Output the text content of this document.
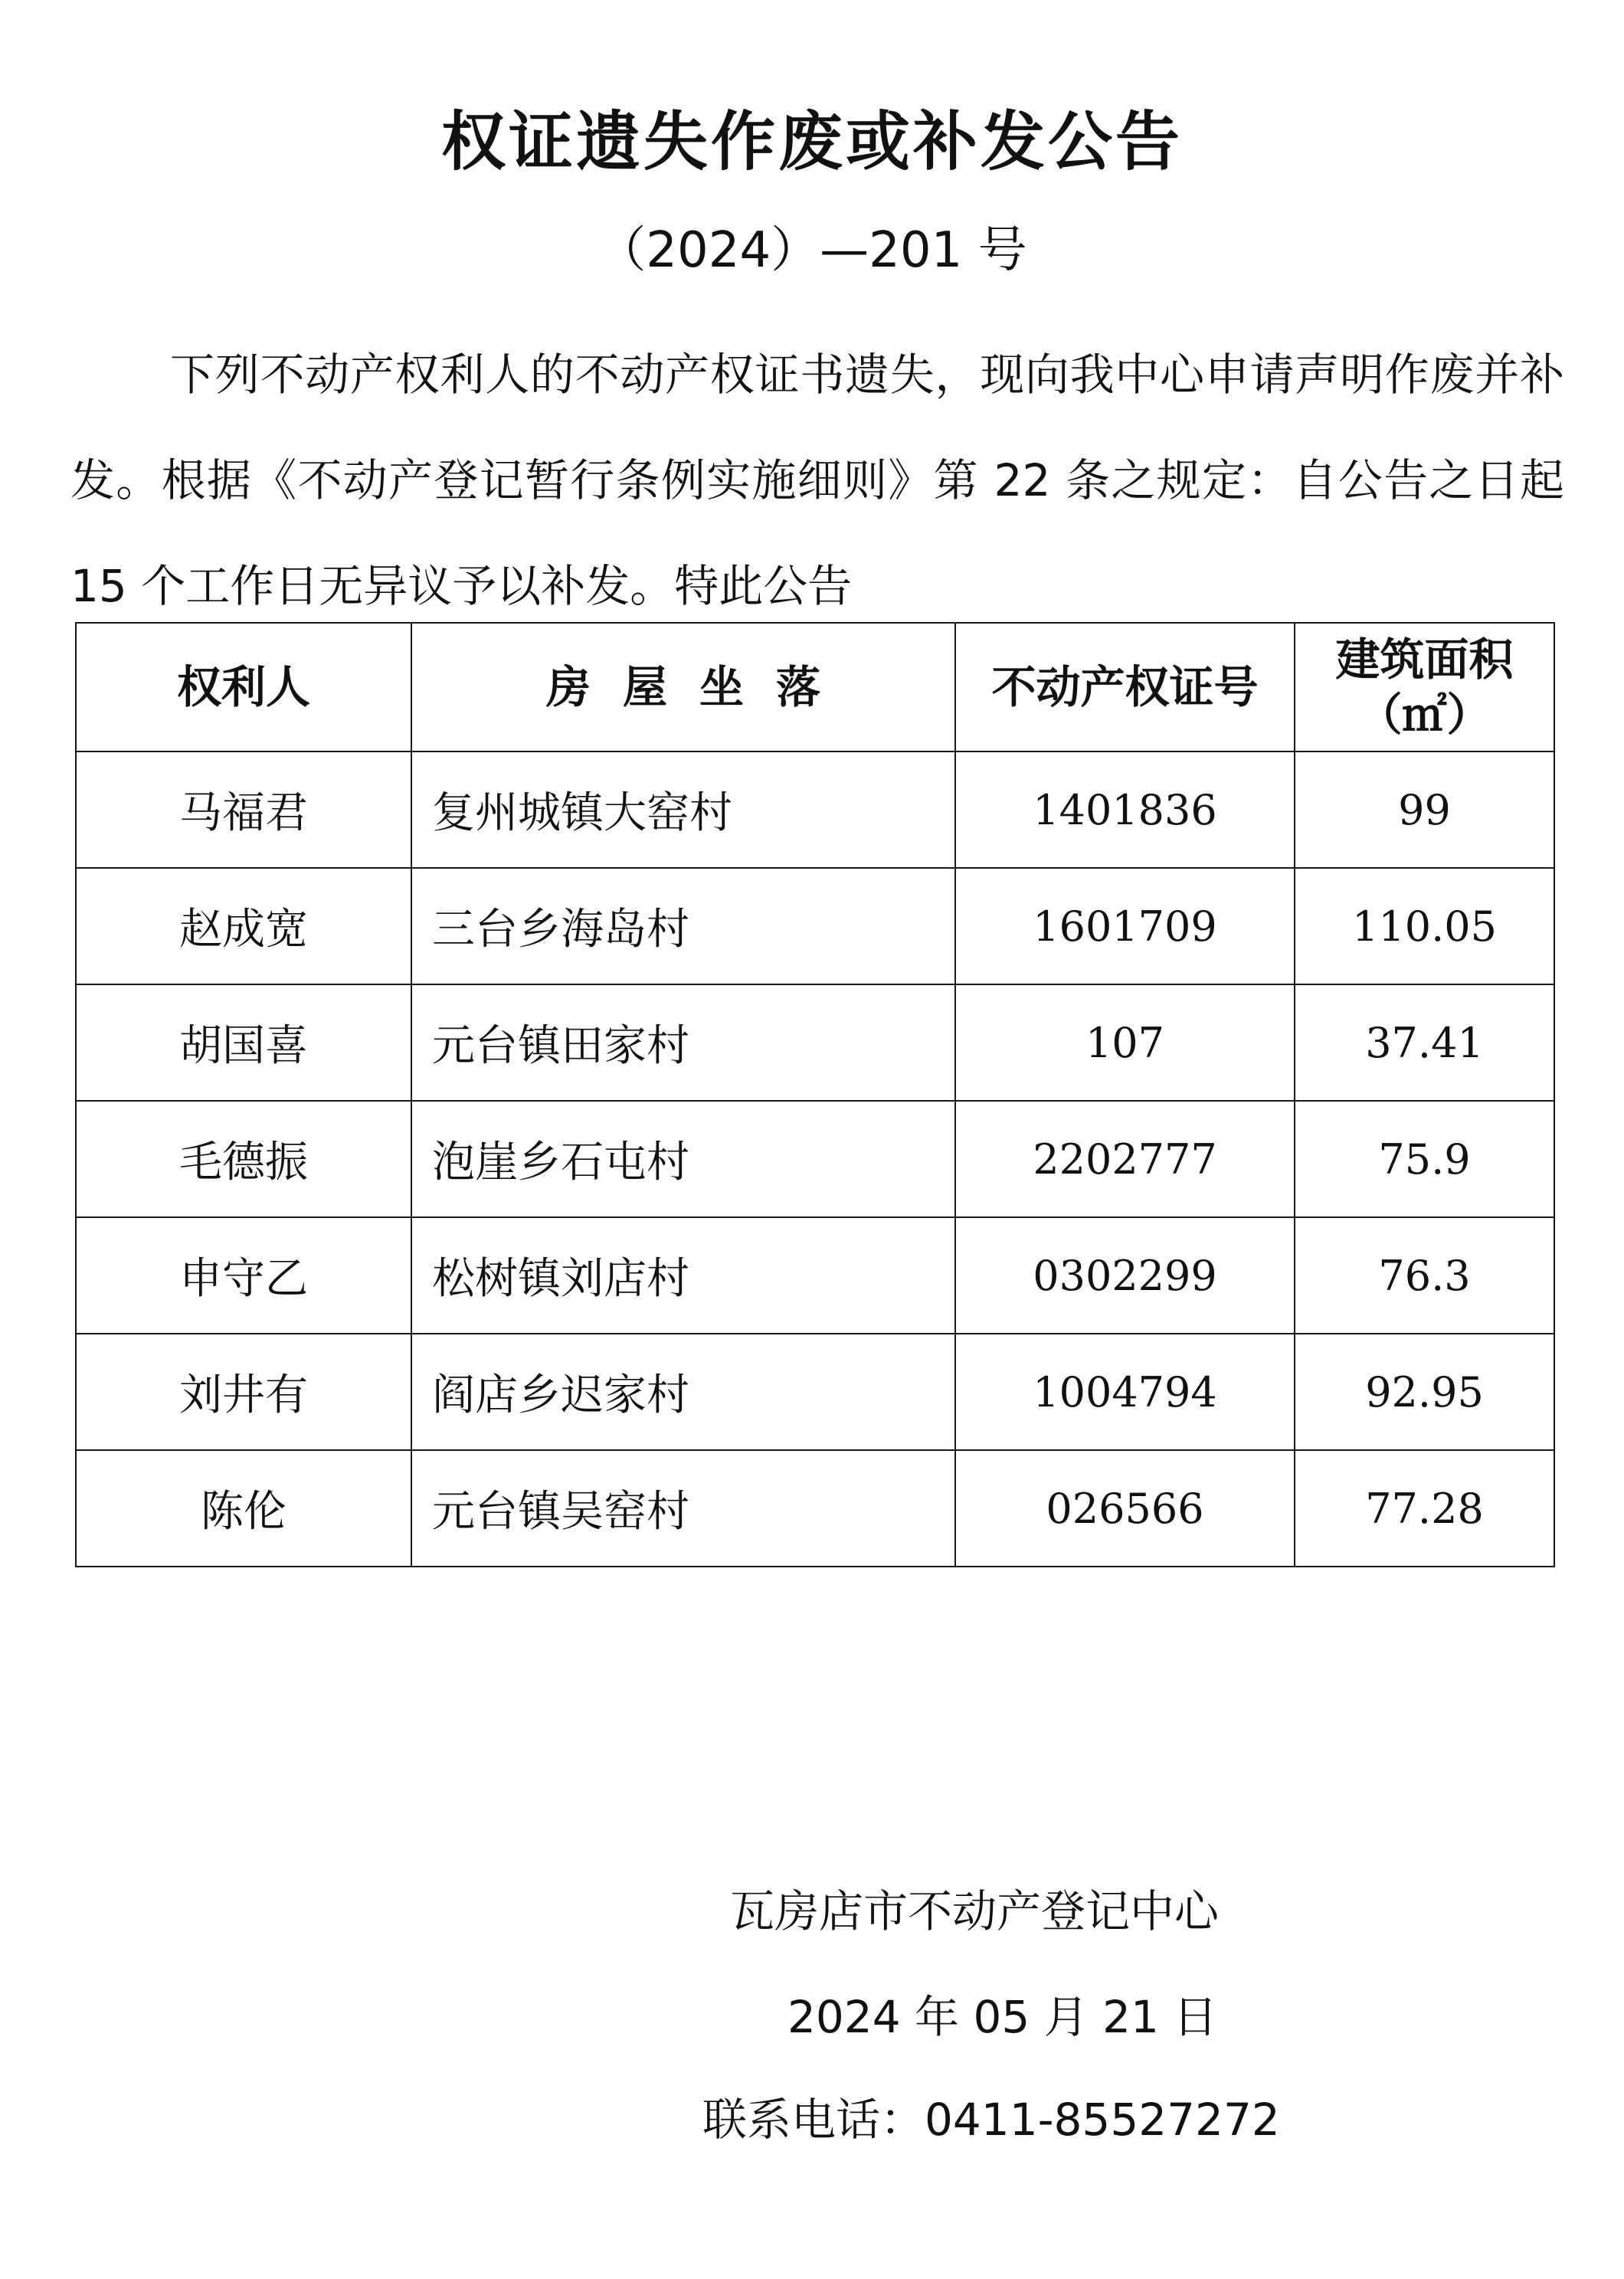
权证遗失作废或补发公告
（2024）—201 号

下列不动产权利人的不动产权证书遗失，现向我中心申请声明作废并补发。根据《不动产登记暂行条例实施细则》第 22 条之规定：自公告之日起 15 个工作日无异议予以补发。特此公告

权利人	房屋坐落	不动产权证号	建筑面积
（㎡）

马福君	复州城镇大窑村	1401836	99
赵成宽	三台乡海岛村	1601709	110.05
胡国喜	元台镇田家村	107	37.41
毛德振	泡崖乡石屯村	2202777	75.9
申守乙	松树镇刘店村	0302299	76.3
刘井有	阎店乡迟家村	1004794	92.95
陈伦	元台镇吴窑村	026566	77.28
瓦房店市不动产登记中心
2024 年 05 月 21 日
联系电话：0411-85527272
